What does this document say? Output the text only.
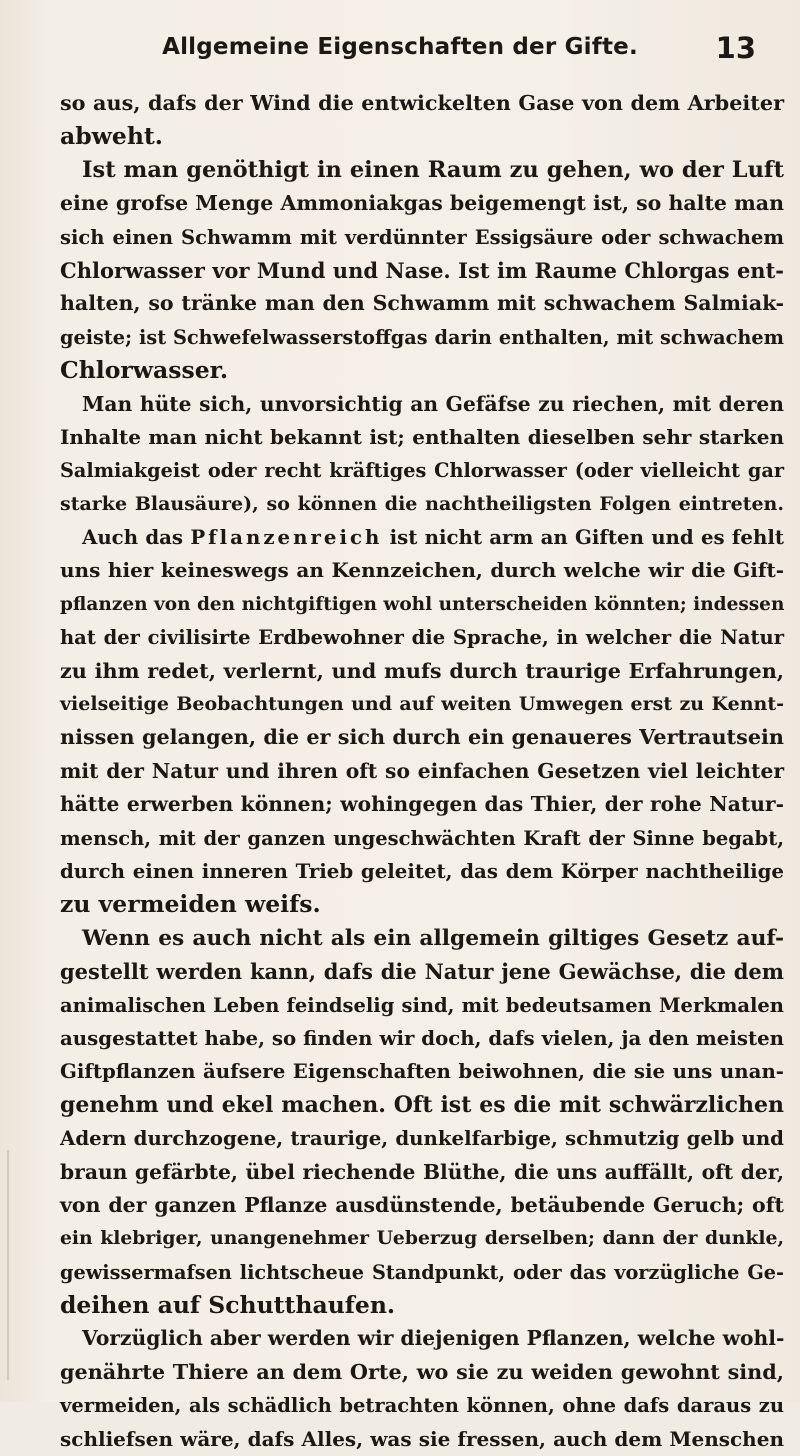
Allgemeine Eigenschaften der Gifte.	13
so aus, dafs der Wind die entwickelten Gase von dem Arbeiter
abweht.
Ist man genöthigt in einen Raum zu gehen, wo der Luft
eine grofse Menge Ammoniakgas beigemengt ist, so halte man
sich einen Schwamm mit verdünnter Essigsäure oder schwachem
Chlorwasser vor Mund und Nase. Ist im Raume Chlorgas ent-
halten, so tränke man den Schwamm mit schwachem Salmiak-
geiste; ist Schwefelwasserstoffgas darin enthalten, mit schwachem
Chlorwasser.
Man hüte sich, unvorsichtig an Gefäfse zu riechen, mit deren
Inhalte man nicht bekannt ist; enthalten dieselben sehr starken
Salmiakgeist oder recht kräftiges Chlorwasser (oder vielleicht gar
starke Blausäure), so können die nachtheiligsten Folgen eintreten.
Auch das Pflanzenreich ist nicht arm an Giften und es fehlt
uns hier keineswegs an Kennzeichen, durch welche wir die Gift-
pflanzen von den nichtgiftigen wohl unterscheiden könnten; indessen
hat der civilisirte Erdbewohner die Sprache, in welcher die Natur
zu ihm redet, verlernt, und mufs durch traurige Erfahrungen,
vielseitige Beobachtungen und auf weiten Umwegen erst zu Kennt-
nissen gelangen, die er sich durch ein genaueres Vertrautsein
mit der Natur und ihren oft so einfachen Gesetzen viel leichter
hätte erwerben können; wohingegen das Thier, der rohe Natur-
mensch, mit der ganzen ungeschwächten Kraft der Sinne begabt,
durch einen inneren Trieb geleitet, das dem Körper nachtheilige
zu vermeiden weifs.
Wenn es auch nicht als ein allgemein giltiges Gesetz auf-
gestellt werden kann, dafs die Natur jene Gewächse, die dem
animalischen Leben feindselig sind, mit bedeutsamen Merkmalen
ausgestattet habe, so finden wir doch, dafs vielen, ja den meisten
Giftpflanzen äufsere Eigenschaften beiwohnen, die sie uns unan-
genehm und ekel machen. Oft ist es die mit schwärzlichen
Adern durchzogene, traurige, dunkelfarbige, schmutzig gelb und
braun gefärbte, übel riechende Blüthe, die uns auffällt, oft der,
von der ganzen Pflanze ausdünstende, betäubende Geruch; oft
ein klebriger, unangenehmer Ueberzug derselben; dann der dunkle,
gewissermafsen lichtscheue Standpunkt, oder das vorzügliche Ge-
deihen auf Schutthaufen.
Vorzüglich aber werden wir diejenigen Pflanzen, welche wohl-
genährte Thiere an dem Orte, wo sie zu weiden gewohnt sind,
vermeiden, als schädlich betrachten können, ohne dafs daraus zu
schliefsen wäre, dafs Alles, was sie fressen, auch dem Menschen
